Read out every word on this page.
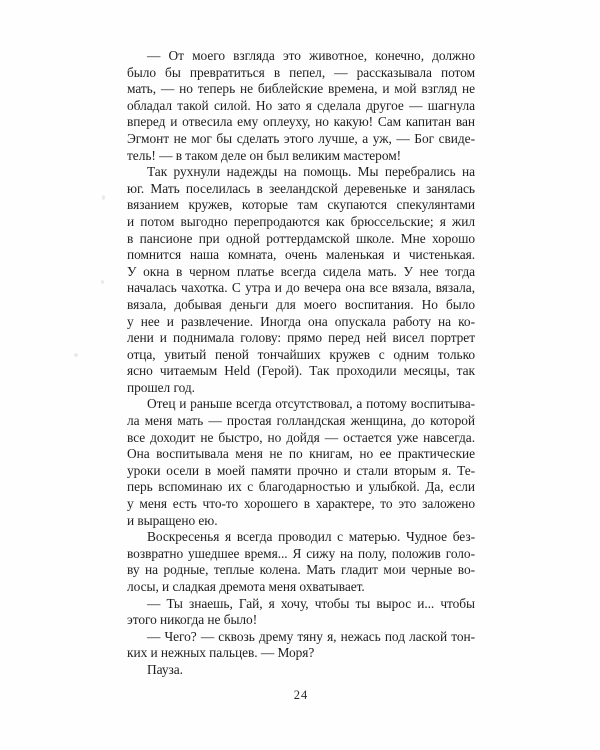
— От моего взгляда это животное, конечно, должно
было бы превратиться в пепел, — рассказывала потом
мать, — но теперь не библейские времена, и мой взгляд не
обладал такой силой. Но зато я сделала другое — шагнула
вперед и отвесила ему оплеуху, но какую! Сам капитан ван
Эгмонт не мог бы сделать этого лучше, а уж, — Бог свиде-
тель! — в таком деле он был великим мастером!
Так рухнули надежды на помощь. Мы перебрались на
юг. Мать поселилась в зееландской деревеньке и занялась
вязанием кружев, которые там скупаются спекулянтами
и потом выгодно перепродаются как брюссельские; я жил
в пансионе при одной роттердамской школе. Мне хорошо
помнится наша комната, очень маленькая и чистенькая.
У окна в черном платье всегда сидела мать. У нее тогда
началась чахотка. С утра и до вечера она все вязала, вязала,
вязала, добывая деньги для моего воспитания. Но было
у нее и развлечение. Иногда она опускала работу на ко-
лени и поднимала голову: прямо перед ней висел портрет
отца, увитый пеной тончайших кружев с одним только
ясно читаемым Held (Герой). Так проходили месяцы, так
прошел год.
Отец и раньше всегда отсутствовал, а потому воспитыва-
ла меня мать — простая голландская женщина, до которой
все доходит не быстро, но дойдя — остается уже навсегда.
Она воспитывала меня не по книгам, но ее практические
уроки осели в моей памяти прочно и стали вторым я. Те-
перь вспоминаю их с благодарностью и улыбкой. Да, если
у меня есть что-то хорошего в характере, то это заложено
и выращено ею.
Воскресенья я всегда проводил с матерью. Чудное без-
возвратно ушедшее время... Я сижу на полу, положив голо-
ву на родные, теплые колена. Мать гладит мои черные во-
лосы, и сладкая дремота меня охватывает.
— Ты знаешь, Гай, я хочу, чтобы ты вырос и... чтобы
этого никогда не было!
— Чего? — сквозь дрему тяну я, нежась под лаской тон-
ких и нежных пальцев. — Моря?
Пауза.
24
